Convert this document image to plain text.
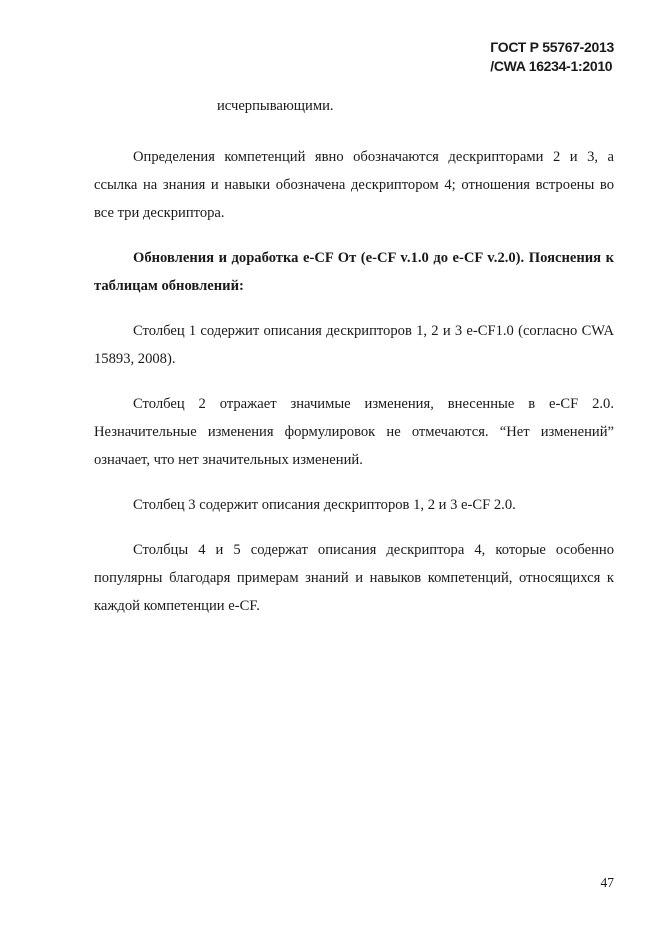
ГОСТ Р 55767-2013
/CWA 16234-1:2010

исчерпывающими.

Определения компетенций явно обозначаются дескрипторами 2 и 3, а ссылка на знания и навыки обозначена дескриптором 4; отношения встроены во все три дескриптора.

Обновления и доработка e-CF От (e-CF v.1.0 до e-CF v.2.0). Пояснения к таблицам обновлений:

Столбец 1 содержит описания дескрипторов 1, 2 и 3 e-CF1.0 (согласно CWA 15893, 2008).

Столбец 2 отражает значимые изменения, внесенные в e-CF 2.0. Незначительные изменения формулировок не отмечаются. “Нет изменений” означает, что нет значительных изменений.

Столбец 3 содержит описания дескрипторов 1, 2 и 3 e-CF 2.0.

Столбцы 4 и 5 содержат описания дескриптора 4, которые особенно популярны благодаря примерам знаний и навыков компетенций, относящихся к каждой компетенции e-CF.

47
